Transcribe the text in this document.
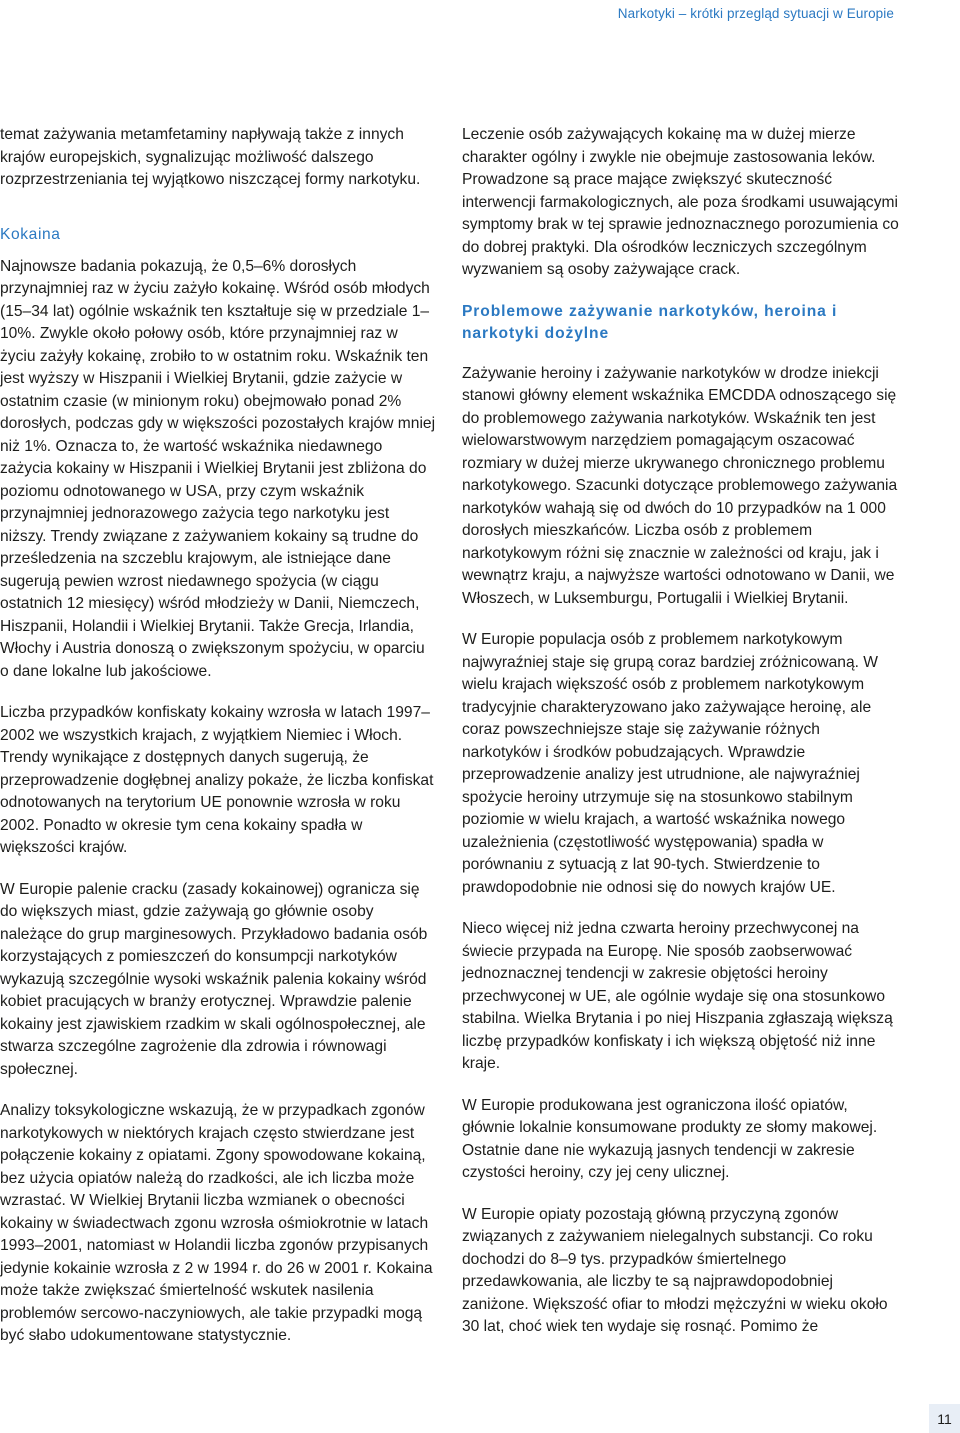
Narkotyki – krótki przegląd sytuacji w Europie

temat zażywania metamfetaminy napływają także z innych krajów europejskich, sygnalizując możliwość dalszego rozprzestrzeniania tej wyjątkowo niszczącej formy narkotyku.

Kokaina

Najnowsze badania pokazują, że 0,5–6% dorosłych przynajmniej raz w życiu zażyło kokainę. Wśród osób młodych (15–34 lat) ogólnie wskaźnik ten kształtuje się w przedziale 1–10%. Zwykle około połowy osób, które przynajmniej raz w życiu zażyły kokainę, zrobiło to w ostatnim roku. Wskaźnik ten jest wyższy w Hiszpanii i Wielkiej Brytanii, gdzie zażycie w ostatnim czasie (w minionym roku) obejmowało ponad 2% dorosłych, podczas gdy w większości pozostałych krajów mniej niż 1%. Oznacza to, że wartość wskaźnika niedawnego zażycia kokainy w Hiszpanii i Wielkiej Brytanii jest zbliżona do poziomu odnotowanego w USA, przy czym wskaźnik przynajmniej jednorazowego zażycia tego narkotyku jest niższy. Trendy związane z zażywaniem kokainy są trudne do prześledzenia na szczeblu krajowym, ale istniejące dane sugerują pewien wzrost niedawnego spożycia (w ciągu ostatnich 12 miesięcy) wśród młodzieży w Danii, Niemczech, Hiszpanii, Holandii i Wielkiej Brytanii. Także Grecja, Irlandia, Włochy i Austria donoszą o zwiększonym spożyciu, w oparciu o dane lokalne lub jakościowe.

Liczba przypadków konfiskaty kokainy wzrosła w latach 1997–2002 we wszystkich krajach, z wyjątkiem Niemiec i Włoch. Trendy wynikające z dostępnych danych sugerują, że przeprowadzenie dogłębnej analizy pokaże, że liczba konfiskat odnotowanych na terytorium UE ponownie wzrosła w roku 2002. Ponadto w okresie tym cena kokainy spadła w większości krajów.

W Europie palenie cracku (zasady kokainowej) ogranicza się do większych miast, gdzie zażywają go głównie osoby należące do grup marginesowych. Przykładowo badania osób korzystających z pomieszczeń do konsumpcji narkotyków wykazują szczególnie wysoki wskaźnik palenia kokainy wśród kobiet pracujących w branży erotycznej. Wprawdzie palenie kokainy jest zjawiskiem rzadkim w skali ogólnospołecznej, ale stwarza szczególne zagrożenie dla zdrowia i równowagi społecznej.

Analizy toksykologiczne wskazują, że w przypadkach zgonów narkotykowych w niektórych krajach często stwierdzane jest połączenie kokainy z opiatami. Zgony spowodowane kokainą, bez użycia opiatów należą do rzadkości, ale ich liczba może wzrastać. W Wielkiej Brytanii liczba wzmianek o obecności kokainy w świadectwach zgonu wzrosła ośmiokrotnie w latach 1993–2001, natomiast w Holandii liczba zgonów przypisanych jedynie kokainie wzrosła z 2 w 1994 r. do 26 w 2001 r. Kokaina może także zwiększać śmiertelność wskutek nasilenia problemów sercowo-naczyniowych, ale takie przypadki mogą być słabo udokumentowane statystycznie.

Leczenie osób zażywających kokainę ma w dużej mierze charakter ogólny i zwykle nie obejmuje zastosowania leków. Prowadzone są prace mające zwiększyć skuteczność interwencji farmakologicznych, ale poza środkami usuwającymi symptomy brak w tej sprawie jednoznacznego porozumienia co do dobrej praktyki. Dla ośrodków leczniczych szczególnym wyzwaniem są osoby zażywające crack.

Problemowe zażywanie narkotyków, heroina i narkotyki dożylne

Zażywanie heroiny i zażywanie narkotyków w drodze iniekcji stanowi główny element wskaźnika EMCDDA odnoszącego się do problemowego zażywania narkotyków. Wskaźnik ten jest wielowarstwowym narzędziem pomagającym oszacować rozmiary w dużej mierze ukrywanego chronicznego problemu narkotykowego. Szacunki dotyczące problemowego zażywania narkotyków wahają się od dwóch do 10 przypadków na 1 000 dorosłych mieszkańców. Liczba osób z problemem narkotykowym różni się znacznie w zależności od kraju, jak i wewnątrz kraju, a najwyższe wartości odnotowano w Danii, we Włoszech, w Luksemburgu, Portugalii i Wielkiej Brytanii.

W Europie populacja osób z problemem narkotykowym najwyraźniej staje się grupą coraz bardziej zróżnicowaną. W wielu krajach większość osób z problemem narkotykowym tradycyjnie charakteryzowano jako zażywające heroinę, ale coraz powszechniejsze staje się zażywanie różnych narkotyków i środków pobudzających. Wprawdzie przeprowadzenie analizy jest utrudnione, ale najwyraźniej spożycie heroiny utrzymuje się na stosunkowo stabilnym poziomie w wielu krajach, a wartość wskaźnika nowego uzależnienia (częstotliwość występowania) spadła w porównaniu z sytuacją z lat 90-tych. Stwierdzenie to prawdopodobnie nie odnosi się do nowych krajów UE.

Nieco więcej niż jedna czwarta heroiny przechwyconej na świecie przypada na Europę. Nie sposób zaobserwować jednoznacznej tendencji w zakresie objętości heroiny przechwyconej w UE, ale ogólnie wydaje się ona stosunkowo stabilna. Wielka Brytania i po niej Hiszpania zgłaszają większą liczbę przypadków konfiskaty i ich większą objętość niż inne kraje.

W Europie produkowana jest ograniczona ilość opiatów, głównie lokalnie konsumowane produkty ze słomy makowej. Ostatnie dane nie wykazują jasnych tendencji w zakresie czystości heroiny, czy jej ceny ulicznej.

W Europie opiaty pozostają główną przyczyną zgonów związanych z zażywaniem nielegalnych substancji. Co roku dochodzi do 8–9 tys. przypadków śmiertelnego przedawkowania, ale liczby te są najprawdopodobniej zaniżone. Większość ofiar to młodzi mężczyźni w wieku około 30 lat, choć wiek ten wydaje się rosnąć. Pomimo że

11
